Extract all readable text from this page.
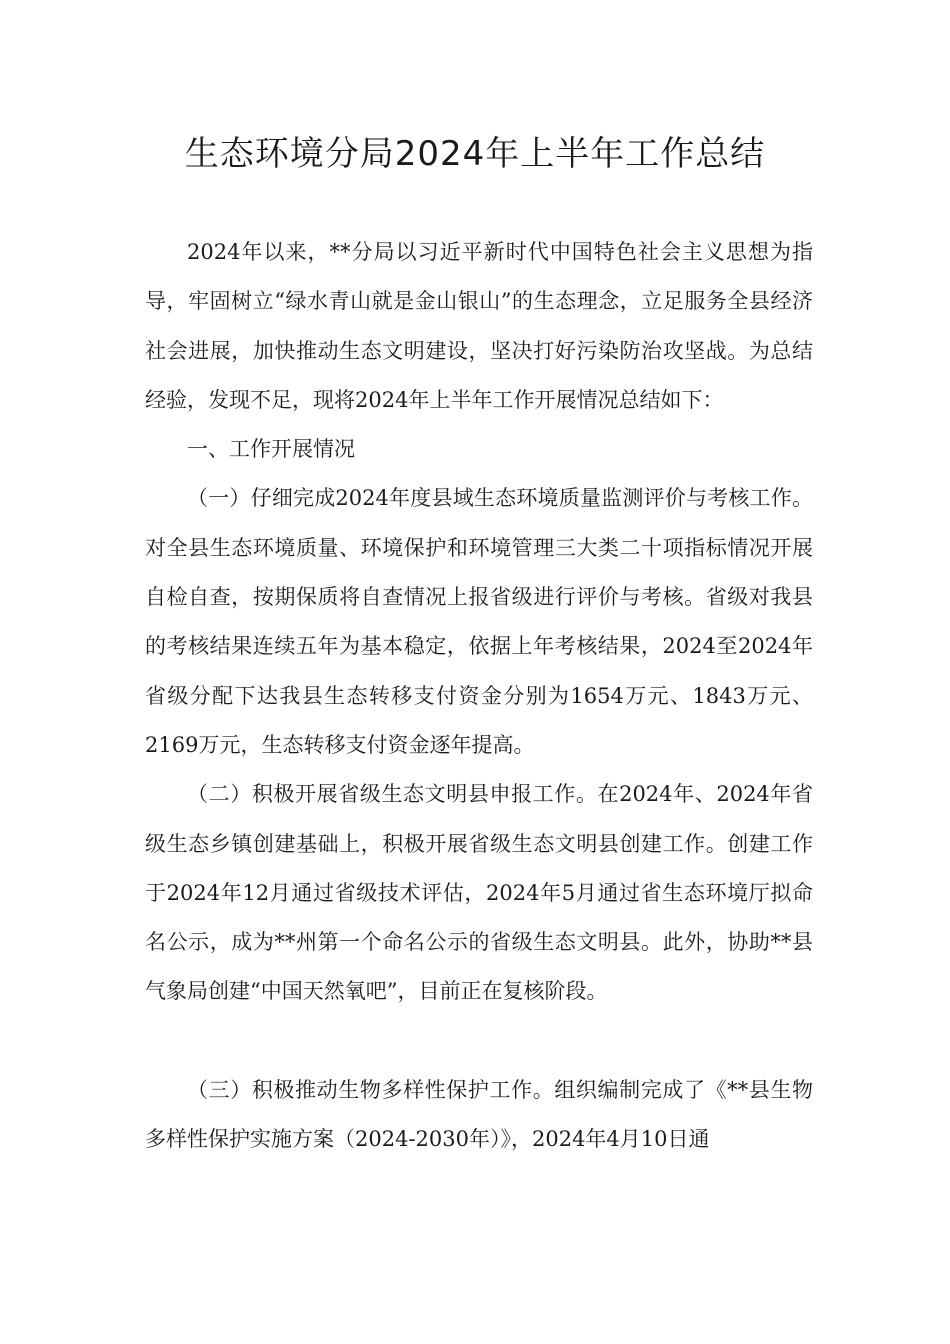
生态环境分局2024年上半年工作总结

2024年以来，**分局以习近平新时代中国特色社会主义思想为指导，牢固树立“绿水青山就是金山银山”的生态理念，立足服务全县经济社会进展，加快推动生态文明建设，坚决打好污染防治攻坚战。为总结经验，发现不足，现将2024年上半年工作开展情况总结如下：

一、工作开展情况

（一）仔细完成2024年度县域生态环境质量监测评价与考核工作。对全县生态环境质量、环境保护和环境管理三大类二十项指标情况开展自检自查，按期保质将自查情况上报省级进行评价与考核。省级对我县的考核结果连续五年为基本稳定，依据上年考核结果，2024至2024年省级分配下达我县生态转移支付资金分别为1654万元、1843万元、2169万元，生态转移支付资金逐年提高。

（二）积极开展省级生态文明县申报工作。在2024年、2024年省级生态乡镇创建基础上，积极开展省级生态文明县创建工作。创建工作于2024年12月通过省级技术评估，2024年5月通过省生态环境厅拟命名公示，成为**州第一个命名公示的省级生态文明县。此外，协助**县气象局创建“中国天然氧吧”，目前正在复核阶段。

（三）积极推动生物多样性保护工作。组织编制完成了《**县生物多样性保护实施方案（2024-2030年）》，2024年4月10日通
